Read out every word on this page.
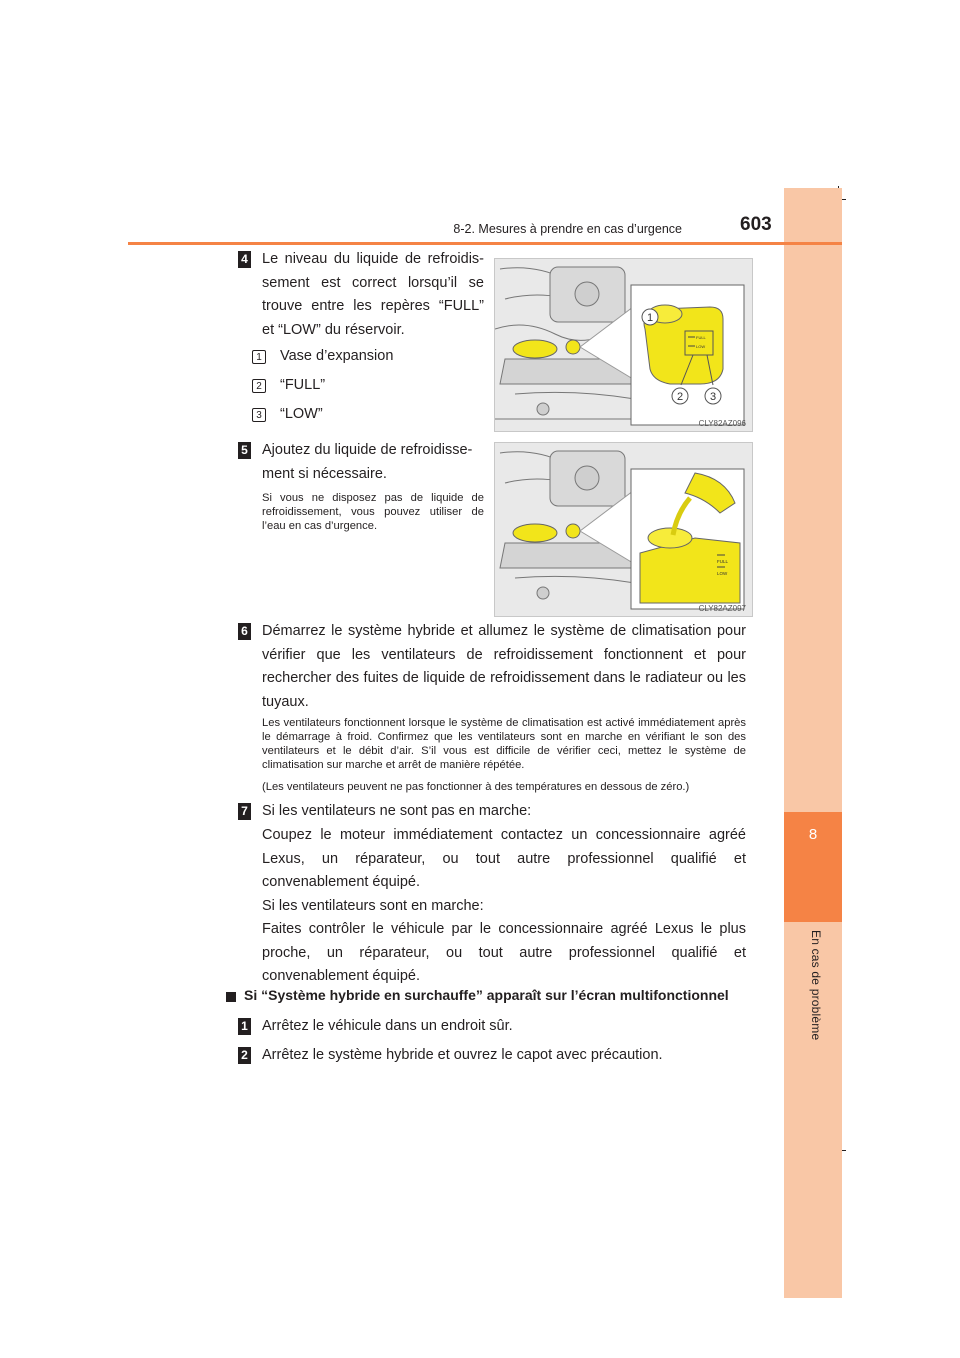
8
En cas de problème
8-2. Mesures à prendre en cas d’urgence	603
4 Le niveau du liquide de refroidis-
sement est correct lorsqu’il se
trouve entre les repères “FULL”
et “LOW” du réservoir.
1 Vase d’expansion
2 “FULL”
3 “LOW”
FULL
LOW
1
2 3
CLY82AZ096
5 Ajoutez du liquide de refroidisse-
ment si nécessaire.
Si vous ne disposez pas de liquide de refroidissement, vous pouvez utiliser de l’eau en cas d’urgence.
FULL
LOW
CLY82AZ097
6 Démarrez le système hybride et allumez le système de climatisation pour vérifier que les ventilateurs de refroidissement fonctionnent et pour rechercher des fuites de liquide de refroidissement dans le radiateur ou les tuyaux.
Les ventilateurs fonctionnent lorsque le système de climatisation est activé immédiatement après le démarrage à froid. Confirmez que les ventilateurs sont en marche en vérifiant le son des ventilateurs et le débit d’air. S’il vous est difficile de vérifier ceci, mettez le système de climatisation sur marche et arrêt de manière répétée.
(Les ventilateurs peuvent ne pas fonctionner à des températures en dessous de zéro.)
7 Si les ventilateurs ne sont pas en marche:
Coupez le moteur immédiatement contactez un concessionnaire agréé Lexus, un réparateur, ou tout autre professionnel qualifié et convenablement équipé.
Si les ventilateurs sont en marche:
Faites contrôler le véhicule par le concessionnaire agréé Lexus le plus proche, un réparateur, ou tout autre professionnel qualifié et convenablement équipé.
Si “Système hybride en surchauffe” apparaît sur l’écran multifonctionnel
1 Arrêtez le véhicule dans un endroit sûr.
2 Arrêtez le système hybride et ouvrez le capot avec précaution.
